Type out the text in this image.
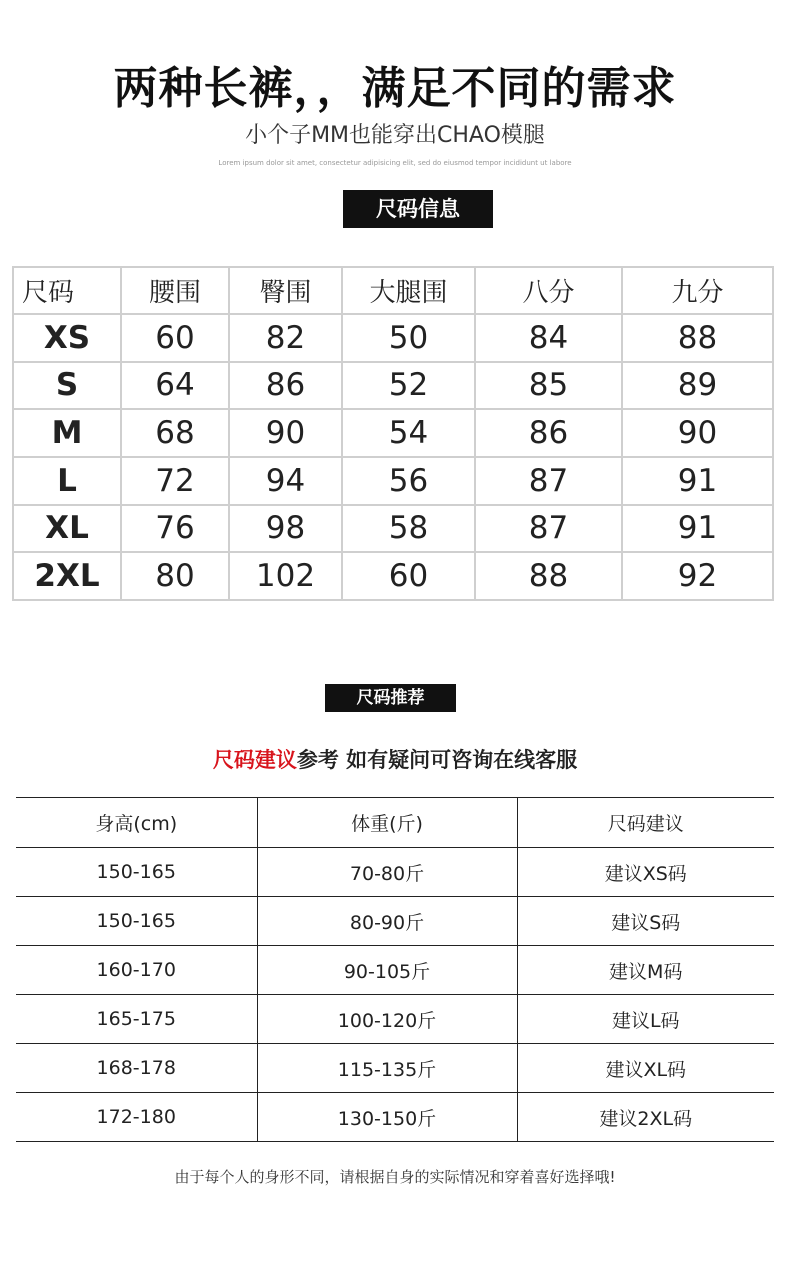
两种长裤，，满足不同的需求
小个子MM也能穿出CHAO模腿
Lorem ipsum dolor sit amet, consectetur adipisicing elit, sed do eiusmod tempor incididunt ut labore
尺码信息
尺码	腰围	臀围	大腿围	八分	九分
XS	60	82	50	84	88
S	64	86	52	85	89
M	68	90	54	86	90
L	72	94	56	87	91
XL	76	98	58	87	91
2XL	80	102	60	88	92
尺码推荐
尺码建议参考 如有疑问可咨询在线客服
身高(cm)	体重(斤)	尺码建议
150-165	70-80斤	建议XS码
150-165	80-90斤	建议S码
160-170	90-105斤	建议M码
165-175	100-120斤	建议L码
168-178	115-135斤	建议XL码
172-180	130-150斤	建议2XL码
由于每个人的身形不同，请根据自身的实际情况和穿着喜好选择哦!
